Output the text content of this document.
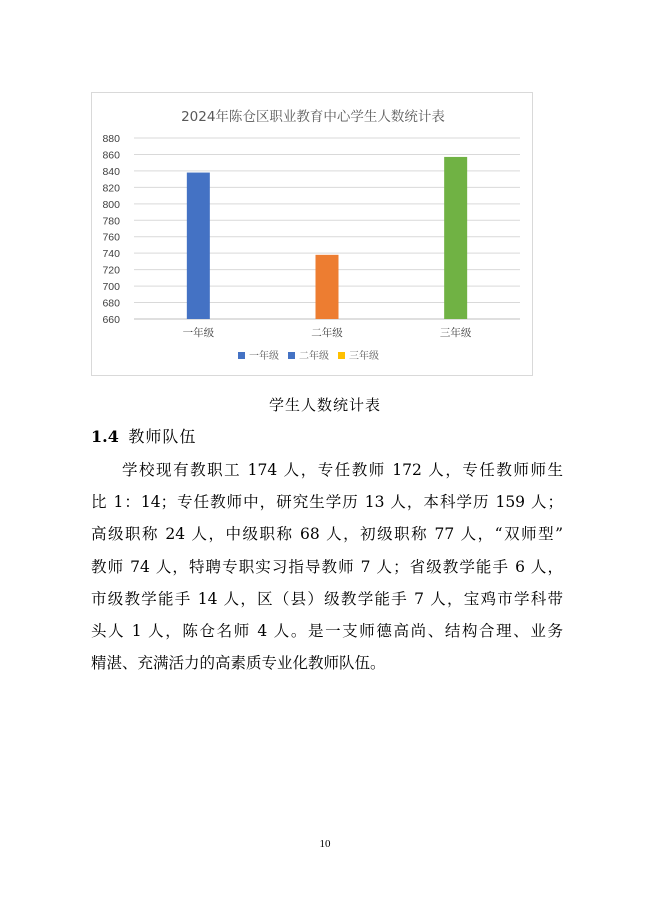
2024年陈仓区职业教育中心学生人数统计表
660
680
700
720
740
760
780
800
820
840
860
880
一年级	二年级	三年级
一年级 二年级 三年级
学生人数统计表
1.4 教师队伍

学校现有教职工 174 人，专任教师 172 人，专任教师师生
比 1：14；专任教师中，研究生学历 13 人，本科学历 159 人；
高级职称 24 人，中级职称 68 人，初级职称 77 人，“双师型”
教师 74 人，特聘专职实习指导教师 7 人；省级教学能手 6 人，
市级教学能手 14 人，区（县）级教学能手 7 人，宝鸡市学科带
头人 1 人，陈仓名师 4 人。是一支师德高尚、结构合理、业务
精湛、充满活力的高素质专业化教师队伍。

10
